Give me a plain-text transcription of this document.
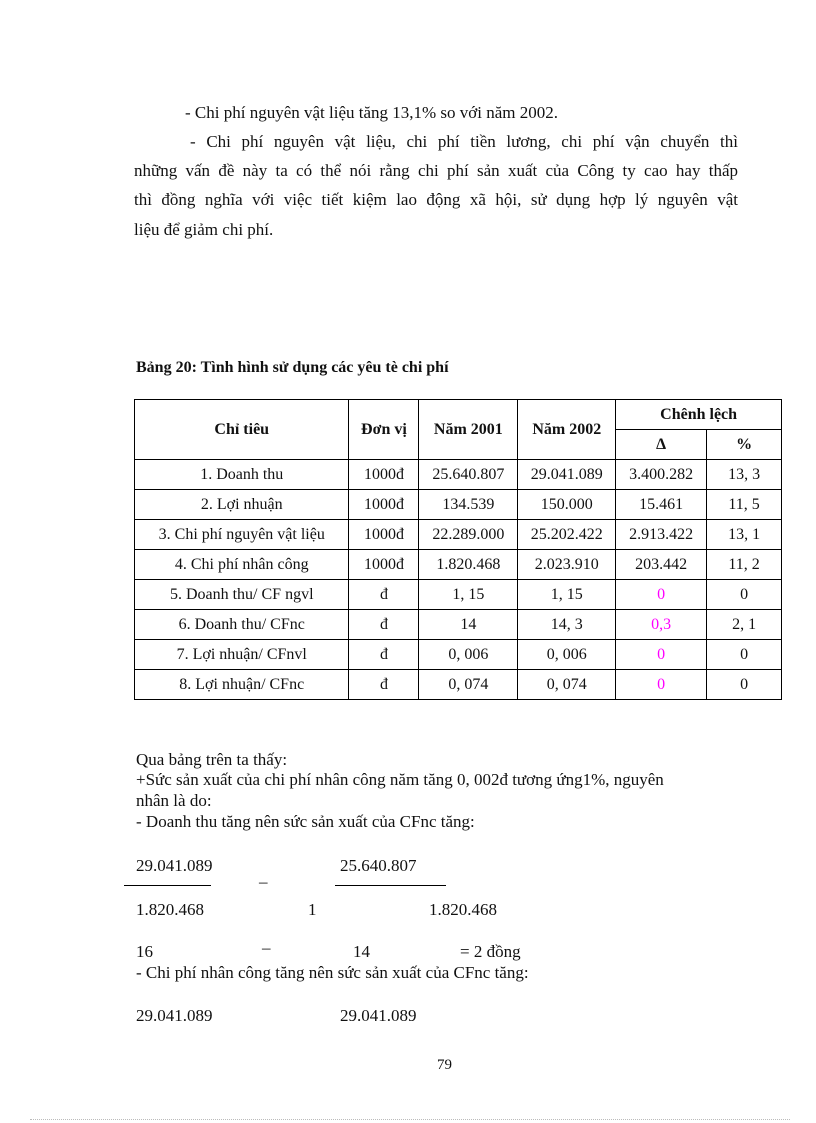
- Chi phí nguyên vật liệu tăng 13,1% so với năm 2002.
- Chi phí nguyên vật liệu, chi phí tiền lương, chi phí vận chuyển thì
những vấn đề này ta có thể nói rằng chi phí sản xuất của Công ty cao hay thấp
thì đồng nghĩa với việc tiết kiệm lao động xã hội, sử dụng hợp lý nguyên vật
liệu để giảm chi phí.
Bảng 20: Tình hình sử dụng các yêu tè chi phí
Chỉ tiêu	Đơn vị	Năm 2001	Năm 2002	Chênh lệch	
				∆	%
1. Doanh thu	1000đ	25.640.807	29.041.089	3.400.282	13, 3
2. Lợi nhuận	1000đ	134.539	150.000	15.461	11, 5
3. Chi phí nguyên vật liệu	1000đ	22.289.000	25.202.422	2.913.422	13, 1
4. Chi phí nhân công	1000đ	1.820.468	2.023.910	203.442	11, 2
5. Doanh thu/ CF ngvl	đ	1, 15	1, 15	0	0
6. Doanh thu/ CFnc	đ	14	14, 3	0,3	2, 1
7. Lợi nhuận/ CFnvl	đ	0, 006	0, 006	0	0
8. Lợi nhuận/ CFnc	đ	0, 074	0, 074	0	0
Qua bảng trên ta thấy:
+Sức sản xuất của chi phí nhân công năm tăng 0, 002đ tương ứng1%, nguyên
nhân là do:
- Doanh thu tăng nên sức sản xuất của CFnc tăng:
29.041.089	25.640.807
–
1.820.468	1	1.820.468
16	–	14	= 2 đồng
- Chi phí nhân công tăng nên sức sản xuất của CFnc tăng:
29.041.089	29.041.089
79
